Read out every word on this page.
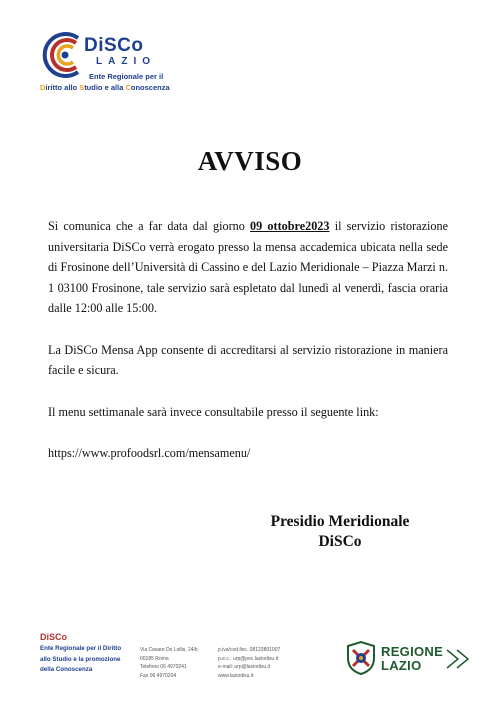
DiSCo
LAZIO
Ente Regionale per il
Diritto allo Studio e alla Conoscenza
AVVISO

Si comunica che a far data dal giorno 09 ottobre2023 il servizio ristorazione universitaria DiSCo verrà erogato presso la mensa accademica ubicata nella sede di Frosinone dell’Università di Cassino e del Lazio Meridionale – Piazza Marzi n. 1 03100 Frosinone, tale servizio sarà espletato dal lunedì al venerdì, fascia oraria dalle 12:00 alle 15:00.

La DiSCo Mensa App consente di accreditarsi al servizio ristorazione in maniera facile e sicura.

Il menu settimanale sarà invece consultabile presso il seguente link:

https://www.profoodsrl.com/mensamenu/

Presidio Meridionale
DiSCo
DiSCo
Ente Regionale per il Diritto
allo Studio e la promozione
della Conoscenza
Via Cesare De Lollis, 24/b
00185 Roma
Telefono 06 4970241
Fax 06 4970204
p.iva/cod.fisc. 08123891007
p.e.c.: urp@pec.laziodisu.it
e-mail: urp@laziodisu.it
www.laziodisu.it
REGIONE
LAZIO
